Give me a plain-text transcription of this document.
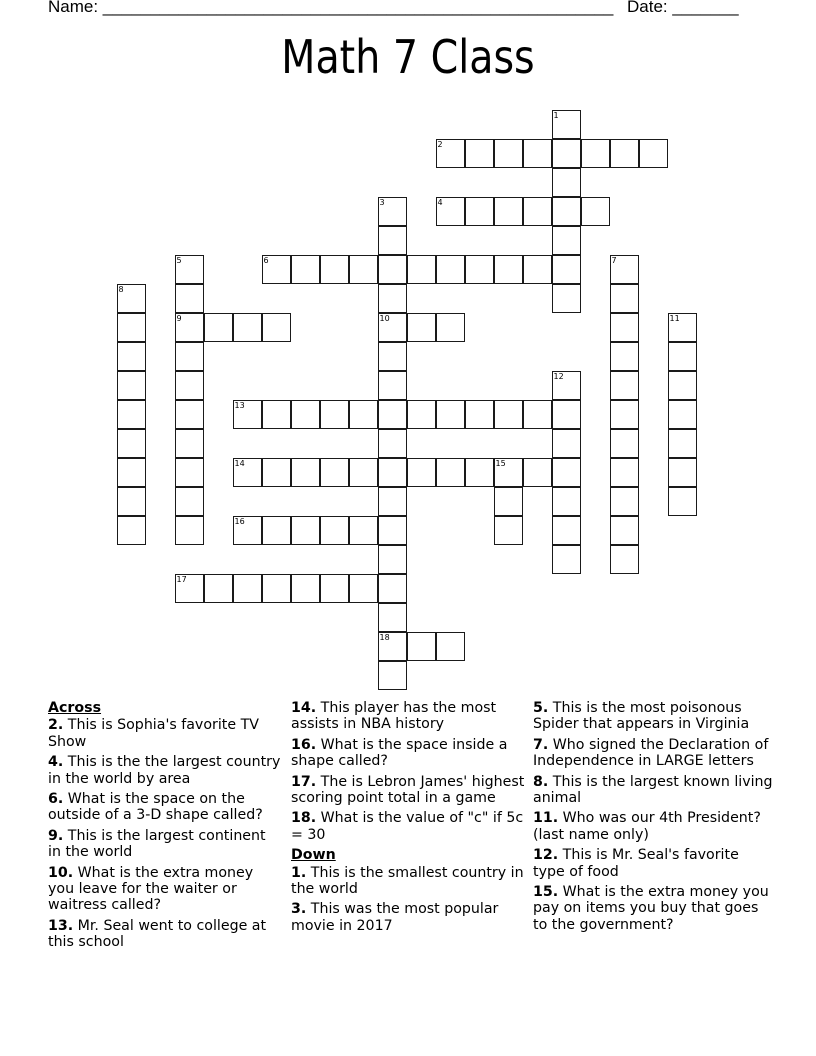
Name: ______________________________________________________ Date: _______
Math 7 Class
2
4
6
9	10
13
14	15
16
17
18
1
3
5	7
8
11
12
Across
2. This is Sophia's favorite TV Show
4. This is the the largest country in the world by area
6. What is the space on the outside of a 3-D shape called?
9. This is the largest continent in the world
10. What is the extra money you leave for the waiter or waitress called?
13. Mr. Seal went to college at this school
14. This player has the most assists in NBA history
16. What is the space inside a shape called?
17. The is Lebron James' highest scoring point total in a game
18. What is the value of "c" if 5c = 30
Down
1. This is the smallest country in the world
3. This was the most popular movie in 2017
5. This is the most poisonous Spider that appears in Virginia
7. Who signed the Declaration of Independence in LARGE letters
8. This is the largest known living animal
11. Who was our 4th President? (last name only)
12. This is Mr. Seal's favorite type of food
15. What is the extra money you pay on items you buy that goes to the government?
